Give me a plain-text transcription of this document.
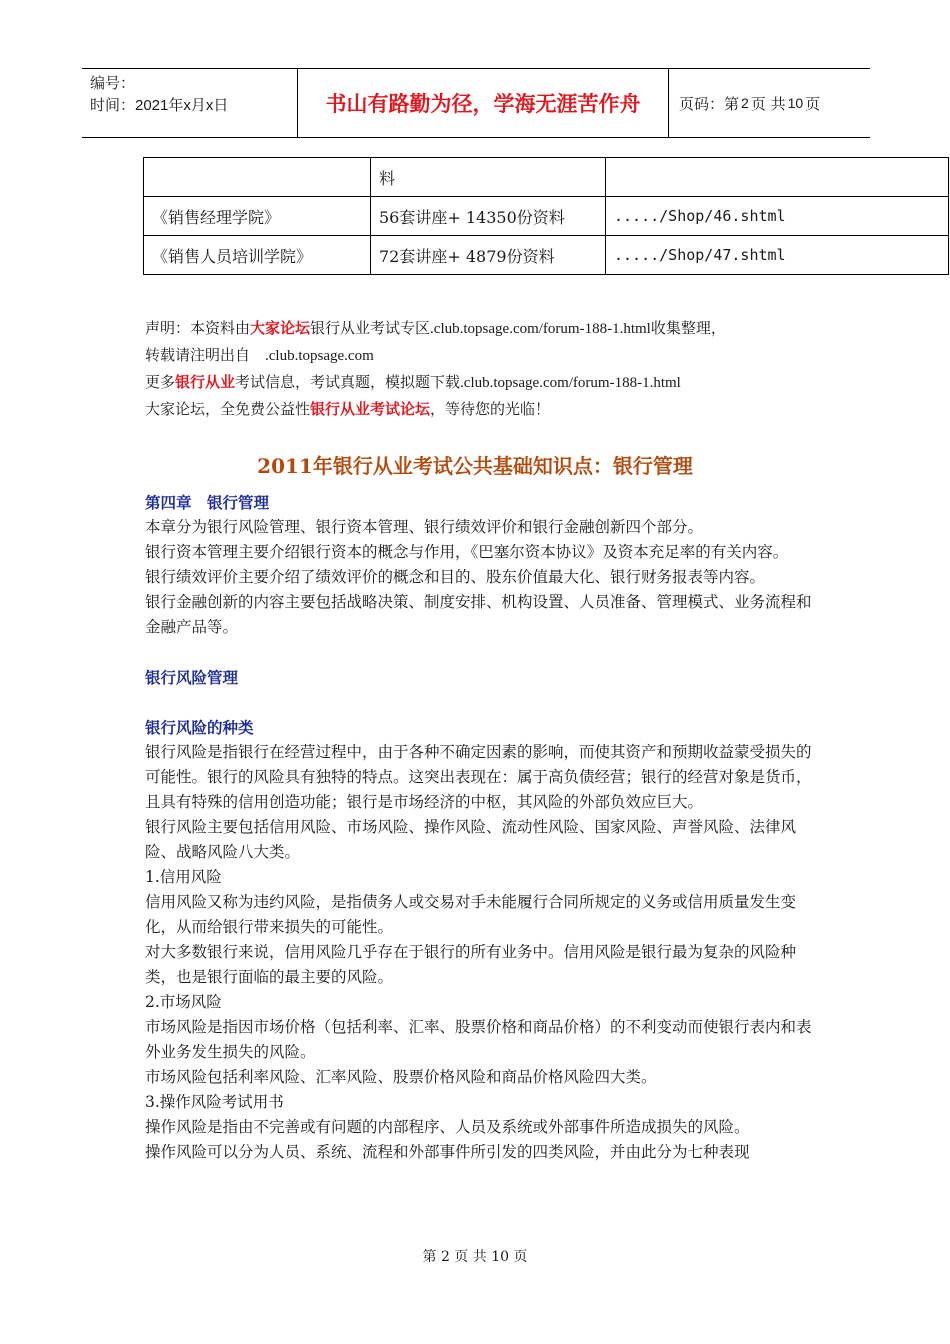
编号：
时间：2021年x月x日	书山有路勤为径，学海无涯苦作舟	页码：第 2 页 共 10 页
	料	
《销售经理学院》	56套讲座+ 14350份资料	...../Shop/46.shtml
《销售人员培训学院》	72套讲座+ 4879份资料	...../Shop/47.shtml
声明：本资料由大家论坛银行从业考试专区.club.topsage.com/forum-188-1.html收集整理，
转载请注明出自　.club.topsage.com
更多银行从业考试信息，考试真题，模拟题下载.club.topsage.com/forum-188-1.html
大家论坛，全免费公益性银行从业考试论坛，等待您的光临！
2011年银行从业考试公共基础知识点：银行管理

第四章　银行管理

本章分为银行风险管理、银行资本管理、银行绩效评价和银行金融创新四个部分。

银行资本管理主要介绍银行资本的概念与作用，《巴塞尔资本协议》及资本充足率的有关内容。

银行绩效评价主要介绍了绩效评价的概念和目的、股东价值最大化、银行财务报表等内容。

银行金融创新的内容主要包括战略决策、制度安排、机构设置、人员准备、管理模式、业务流程和金融产品等。

银行风险管理

银行风险的种类

银行风险是指银行在经营过程中，由于各种不确定因素的影响，而使其资产和预期收益蒙受损失的可能性。银行的风险具有独特的特点。这突出表现在：属于高负债经营；银行的经营对象是货币，且具有特殊的信用创造功能；银行是市场经济的中枢，其风险的外部负效应巨大。

银行风险主要包括信用风险、市场风险、操作风险、流动性风险、国家风险、声誉风险、法律风险、战略风险八大类。

1.信用风险

信用风险又称为违约风险，是指债务人或交易对手未能履行合同所规定的义务或信用质量发生变化，从而给银行带来损失的可能性。

对大多数银行来说，信用风险几乎存在于银行的所有业务中。信用风险是银行最为复杂的风险种类，也是银行面临的最主要的风险。

2.市场风险

市场风险是指因市场价格（包括利率、汇率、股票价格和商品价格）的不利变动而使银行表内和表外业务发生损失的风险。

市场风险包括利率风险、汇率风险、股票价格风险和商品价格风险四大类。

3.操作风险考试用书

操作风险是指由不完善或有问题的内部程序、人员及系统或外部事件所造成损失的风险。

操作风险可以分为人员、系统、流程和外部事件所引发的四类风险，并由此分为七种表现

第 2 页 共 10 页
